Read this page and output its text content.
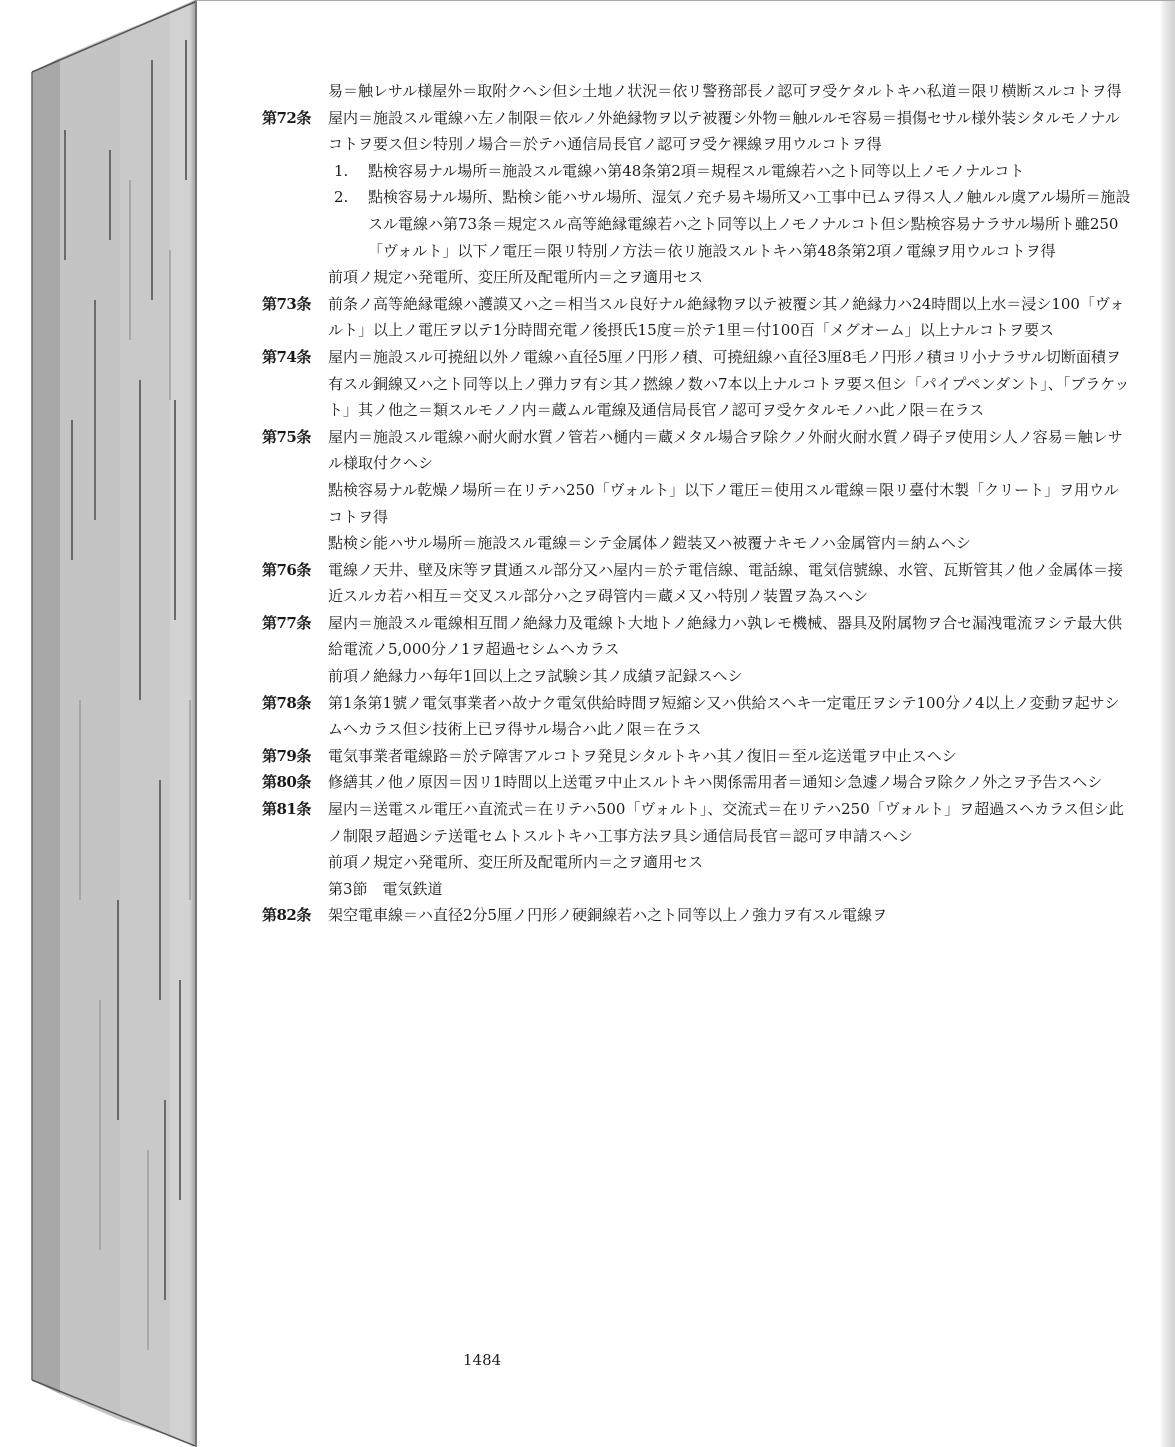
易＝触レサル様屋外＝取附クヘシ但シ土地ノ状況＝依リ警務部長ノ認可ヲ受ケタルトキハ私道＝限リ横断スルコトヲ得

第72条	屋内＝施設スル電線ハ左ノ制限＝依ルノ外絶縁物ヲ以テ被覆シ外物＝触ルルモ容易＝損傷セサル様外装シタルモノナルコトヲ要ス但シ特別ノ場合＝於テハ通信局長官ノ認可ヲ受ケ裸線ヲ用ウルコトヲ得
1.	點検容易ナル場所＝施設スル電線ハ第48条第2項＝規程スル電線若ハ之ト同等以上ノモノナルコト
2.	點検容易ナル場所、點検シ能ハサル場所、湿気ノ充チ易キ場所又ハ工事中已ムヲ得ス人ノ触ルル虞アル場所＝施設スル電線ハ第73条＝規定スル高等絶縁電線若ハ之ト同等以上ノモノナルコト但シ點検容易ナラサル場所ト雖250「ヴォルト」以下ノ電圧＝限リ特別ノ方法＝依リ施設スルトキハ第48条第2項ノ電線ヲ用ウルコトヲ得

前項ノ規定ハ発電所、変圧所及配電所内＝之ヲ適用セス

第73条	前条ノ高等絶縁電線ハ護謨又ハ之＝相当スル良好ナル絶縁物ヲ以テ被覆シ其ノ絶縁力ハ24時間以上水＝浸シ100「ヴォルト」以上ノ電圧ヲ以テ1分時間充電ノ後摂氏15度＝於テ1里＝付100百「メグオーム」以上ナルコトヲ要ス
第74条	屋内＝施設スル可撓紐以外ノ電線ハ直径5厘ノ円形ノ積、可撓紐線ハ直径3厘8毛ノ円形ノ積ヨリ小ナラサル切断面積ヲ有スル銅線又ハ之ト同等以上ノ弾力ヲ有シ其ノ撚線ノ数ハ7本以上ナルコトヲ要ス但シ「パイプペンダント」、「ブラケット」其ノ他之＝類スルモノノ内＝蔵ムル電線及通信局長官ノ認可ヲ受ケタルモノハ此ノ限＝在ラス
第75条	屋内＝施設スル電線ハ耐火耐水質ノ管若ハ樋内＝蔵メタル場合ヲ除クノ外耐火耐水質ノ碍子ヲ使用シ人ノ容易＝触レサル様取付クヘシ

點検容易ナル乾燥ノ場所＝在リテハ250「ヴォルト」以下ノ電圧＝使用スル電線＝限リ臺付木製「クリート」ヲ用ウルコトヲ得

點検シ能ハサル場所＝施設スル電線＝シテ金属体ノ鎧装又ハ被覆ナキモノハ金属管内＝納ムヘシ

第76条	電線ノ天井、壁及床等ヲ貫通スル部分又ハ屋内＝於テ電信線、電話線、電気信號線、水管、瓦斯管其ノ他ノ金属体＝接近スルカ若ハ相互＝交叉スル部分ハ之ヲ碍管内＝蔵メ又ハ特別ノ装置ヲ為スヘシ
第77条	屋内＝施設スル電線相互間ノ絶縁力及電線ト大地トノ絶縁力ハ孰レモ機械、器具及附属物ヲ合セ漏洩電流ヲシテ最大供給電流ノ5,000分ノ1ヲ超過セシムヘカラス

前項ノ絶縁力ハ毎年1回以上之ヲ試験シ其ノ成績ヲ記録スヘシ

第78条	第1条第1號ノ電気事業者ハ故ナク電気供給時間ヲ短縮シ又ハ供給スヘキ一定電圧ヲシテ100分ノ4以上ノ変動ヲ起サシムヘカラス但シ技術上已ヲ得サル場合ハ此ノ限＝在ラス
第79条	電気事業者電線路＝於テ障害アルコトヲ発見シタルトキハ其ノ復旧＝至ル迄送電ヲ中止スヘシ
第80条	修繕其ノ他ノ原因＝因リ1時間以上送電ヲ中止スルトキハ関係需用者＝通知シ急遽ノ場合ヲ除クノ外之ヲ予告スヘシ
第81条	屋内＝送電スル電圧ハ直流式＝在リテハ500「ヴォルト」、交流式＝在リテハ250「ヴォルト」ヲ超過スヘカラス但シ此ノ制限ヲ超過シテ送電セムトスルトキハ工事方法ヲ具シ通信局長官＝認可ヲ申請スヘシ

前項ノ規定ハ発電所、変圧所及配電所内＝之ヲ適用セス

第3節　電気鉄道
第82条	架空電車線＝ハ直径2分5厘ノ円形ノ硬銅線若ハ之ト同等以上ノ強力ヲ有スル電線ヲ
1484
